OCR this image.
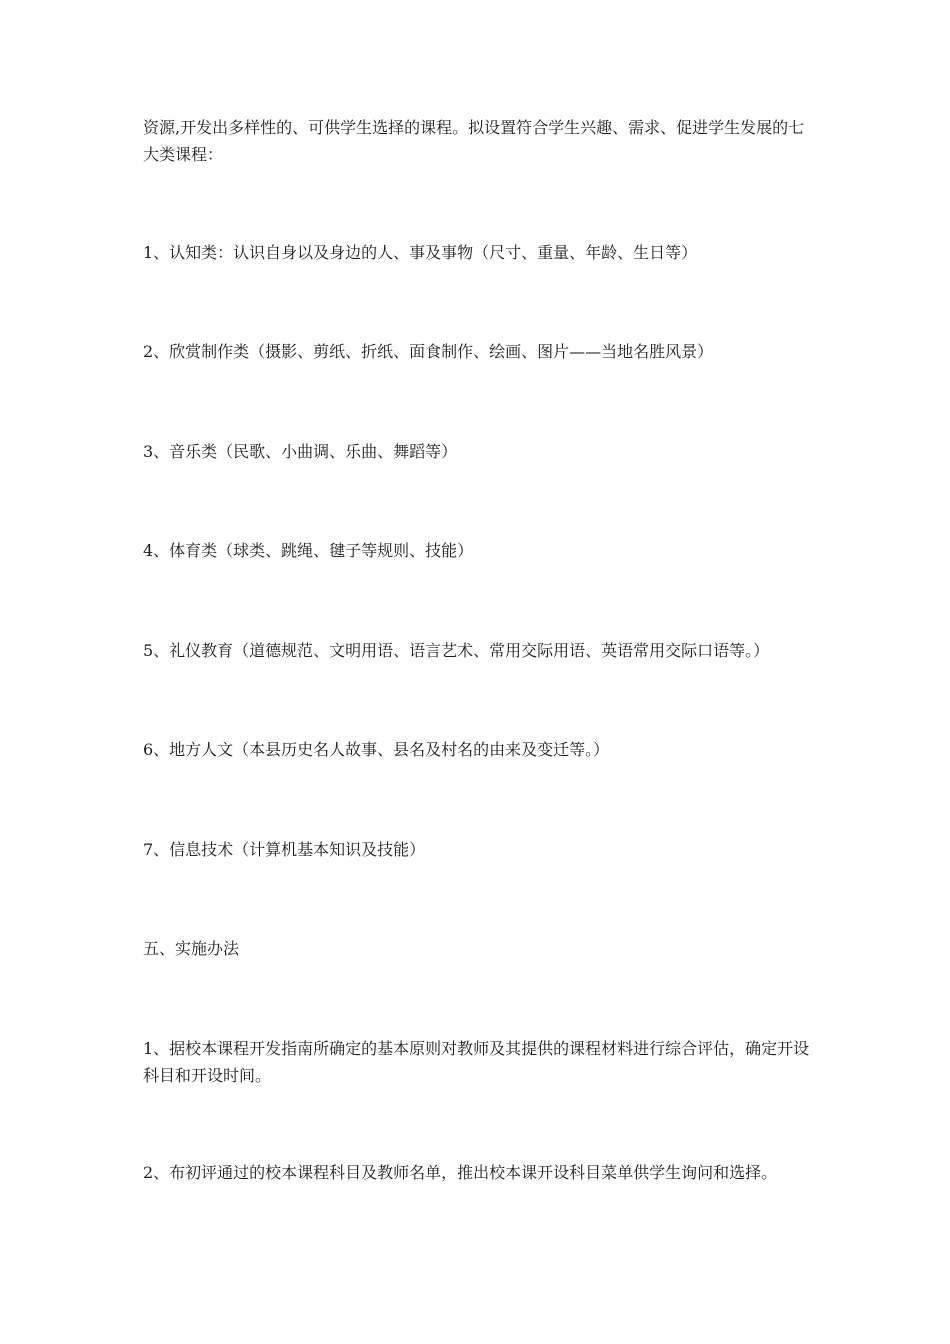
资源,开发出多样性的、可供学生选择的课程。拟设置符合学生兴趣、需求、促进学生发展的七大类课程：

1、认知类：认识自身以及身边的人、事及事物（尺寸、重量、年龄、生日等）

2、欣赏制作类（摄影、剪纸、折纸、面食制作、绘画、图片——当地名胜风景）

3、音乐类（民歌、小曲调、乐曲、舞蹈等）

4、体育类（球类、跳绳、毽子等规则、技能）

5、礼仪教育（道德规范、文明用语、语言艺术、常用交际用语、英语常用交际口语等。）

6、地方人文（本县历史名人故事、县名及村名的由来及变迁等。）

7、信息技术（计算机基本知识及技能）

五、实施办法

1、据校本课程开发指南所确定的基本原则对教师及其提供的课程材料进行综合评估，确定开设科目和开设时间。

2、布初评通过的校本课程科目及教师名单，推出校本课开设科目菜单供学生询问和选择。
